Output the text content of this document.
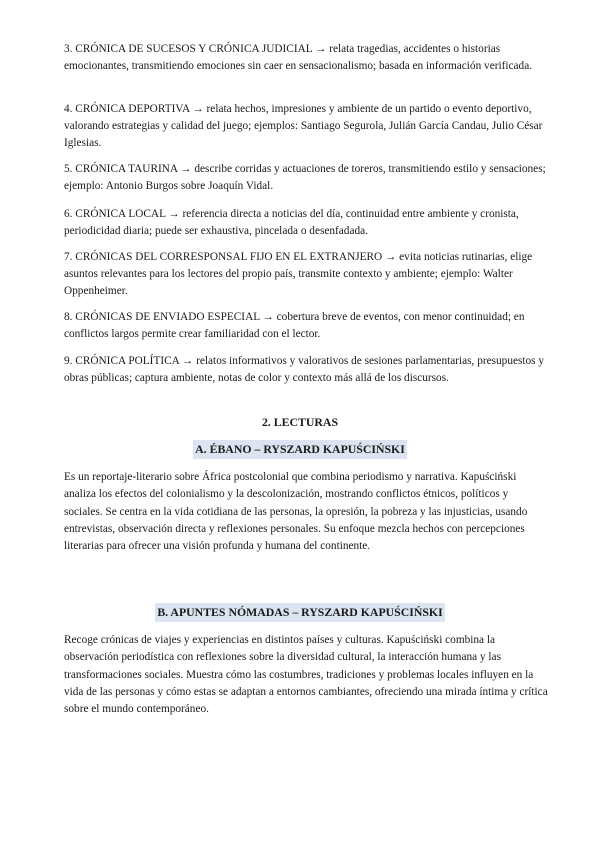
3. CRÓNICA DE SUCESOS Y CRÓNICA JUDICIAL → relata tragedias, accidentes o historias emocionantes, transmitiendo emociones sin caer en sensacionalismo; basada en información verificada.

4. CRÓNICA DEPORTIVA → relata hechos, impresiones y ambiente de un partido o evento deportivo, valorando estrategias y calidad del juego; ejemplos: Santiago Segurola, Julián García Candau, Julio César Iglesias.

5. CRÓNICA TAURINA → describe corridas y actuaciones de toreros, transmitiendo estilo y sensaciones; ejemplo: Antonio Burgos sobre Joaquín Vidal.

6. CRÓNICA LOCAL → referencia directa a noticias del día, continuidad entre ambiente y cronista, periodicidad diaria; puede ser exhaustiva, pincelada o desenfadada.

7. CRÓNICAS DEL CORRESPONSAL FIJO EN EL EXTRANJERO → evita noticias rutinarias, elige asuntos relevantes para los lectores del propio país, transmite contexto y ambiente; ejemplo: Walter Oppenheimer.

8. CRÓNICAS DE ENVIADO ESPECIAL → cobertura breve de eventos, con menor continuidad; en conflictos largos permite crear familiaridad con el lector.

9. CRÓNICA POLÍTICA → relatos informativos y valorativos de sesiones parlamentarias, presupuestos y obras públicas; captura ambiente, notas de color y contexto más allá de los discursos.

2. LECTURAS

A. ÉBANO – RYSZARD KAPUŚCIŃSKI

Es un reportaje-literario sobre África postcolonial que combina periodismo y narrativa. Kapuściński analiza los efectos del colonialismo y la descolonización, mostrando conflictos étnicos, políticos y sociales. Se centra en la vida cotidiana de las personas, la opresión, la pobreza y las injusticias, usando entrevistas, observación directa y reflexiones personales. Su enfoque mezcla hechos con percepciones literarias para ofrecer una visión profunda y humana del continente.

B. APUNTES NÓMADAS – RYSZARD KAPUŚCIŃSKI

Recoge crónicas de viajes y experiencias en distintos países y culturas. Kapuściński combina la observación periodística con reflexiones sobre la diversidad cultural, la interacción humana y las transformaciones sociales. Muestra cómo las costumbres, tradiciones y problemas locales influyen en la vida de las personas y cómo estas se adaptan a entornos cambiantes, ofreciendo una mirada íntima y crítica sobre el mundo contemporáneo.
